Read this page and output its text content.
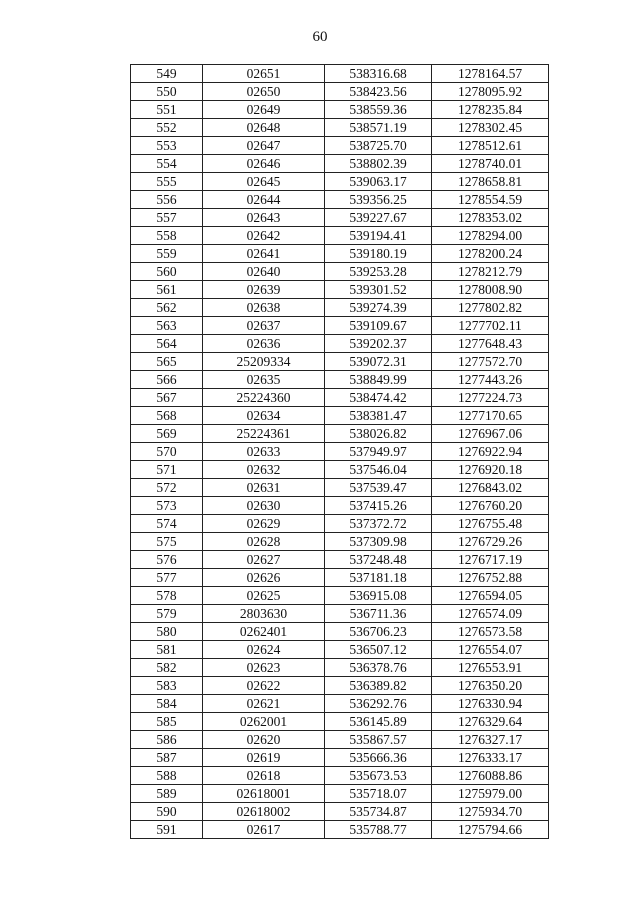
60
549	02651	538316.68	1278164.57
550	02650	538423.56	1278095.92
551	02649	538559.36	1278235.84
552	02648	538571.19	1278302.45
553	02647	538725.70	1278512.61
554	02646	538802.39	1278740.01
555	02645	539063.17	1278658.81
556	02644	539356.25	1278554.59
557	02643	539227.67	1278353.02
558	02642	539194.41	1278294.00
559	02641	539180.19	1278200.24
560	02640	539253.28	1278212.79
561	02639	539301.52	1278008.90
562	02638	539274.39	1277802.82
563	02637	539109.67	1277702.11
564	02636	539202.37	1277648.43
565	25209334	539072.31	1277572.70
566	02635	538849.99	1277443.26
567	25224360	538474.42	1277224.73
568	02634	538381.47	1277170.65
569	25224361	538026.82	1276967.06
570	02633	537949.97	1276922.94
571	02632	537546.04	1276920.18
572	02631	537539.47	1276843.02
573	02630	537415.26	1276760.20
574	02629	537372.72	1276755.48
575	02628	537309.98	1276729.26
576	02627	537248.48	1276717.19
577	02626	537181.18	1276752.88
578	02625	536915.08	1276594.05
579	2803630	536711.36	1276574.09
580	0262401	536706.23	1276573.58
581	02624	536507.12	1276554.07
582	02623	536378.76	1276553.91
583	02622	536389.82	1276350.20
584	02621	536292.76	1276330.94
585	0262001	536145.89	1276329.64
586	02620	535867.57	1276327.17
587	02619	535666.36	1276333.17
588	02618	535673.53	1276088.86
589	02618001	535718.07	1275979.00
590	02618002	535734.87	1275934.70
591	02617	535788.77	1275794.66
